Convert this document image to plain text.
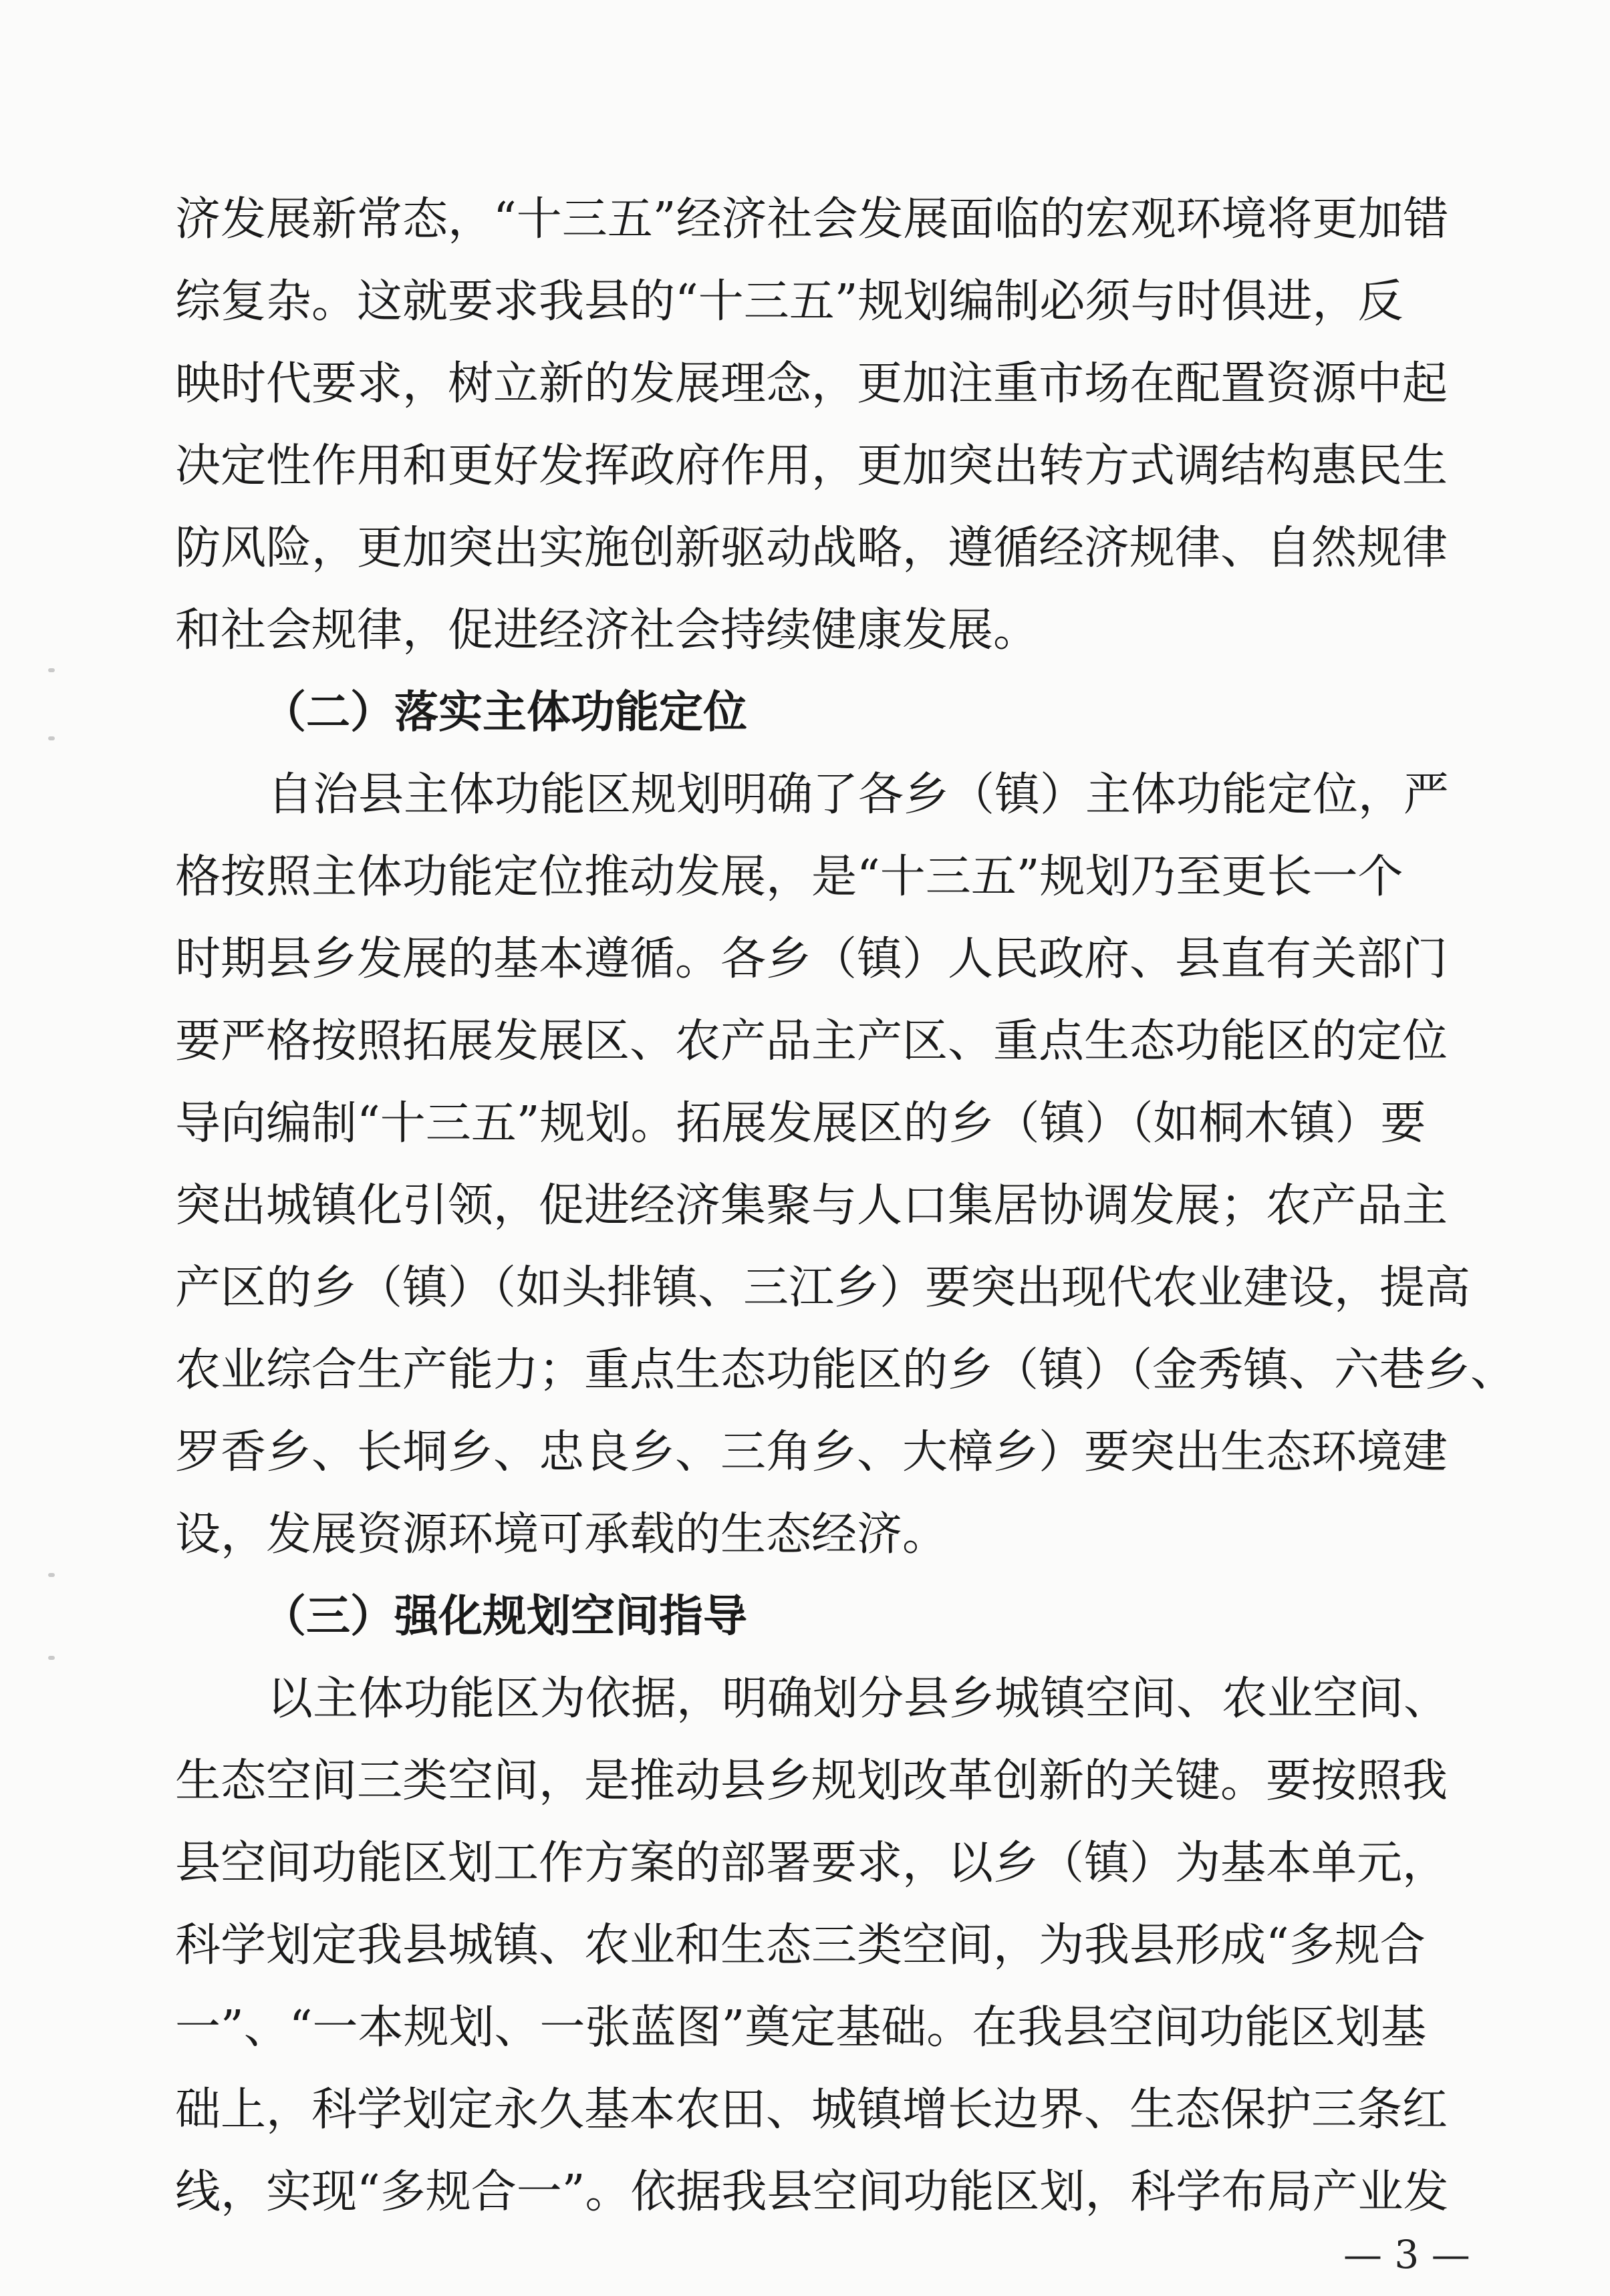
济发展新常态，“十三五”经济社会发展面临的宏观环境将更加错
综复杂。这就要求我县的“十三五”规划编制必须与时俱进，反
映时代要求，树立新的发展理念，更加注重市场在配置资源中起
决定性作用和更好发挥政府作用，更加突出转方式调结构惠民生
防风险，更加突出实施创新驱动战略，遵循经济规律、自然规律
和社会规律，促进经济社会持续健康发展。
（二）落实主体功能定位
自治县主体功能区规划明确了各乡（镇）主体功能定位，严
格按照主体功能定位推动发展，是“十三五”规划乃至更长一个
时期县乡发展的基本遵循。各乡（镇）人民政府、县直有关部门
要严格按照拓展发展区、农产品主产区、重点生态功能区的定位
导向编制“十三五”规划。拓展发展区的乡（镇）（如桐木镇）要
突出城镇化引领，促进经济集聚与人口集居协调发展；农产品主
产区的乡（镇）（如头排镇、三江乡）要突出现代农业建设，提高
农业综合生产能力；重点生态功能区的乡（镇）（金秀镇、六巷乡、
罗香乡、长垌乡、忠良乡、三角乡、大樟乡）要突出生态环境建
设，发展资源环境可承载的生态经济。
（三）强化规划空间指导
以主体功能区为依据，明确划分县乡城镇空间、农业空间、
生态空间三类空间，是推动县乡规划改革创新的关键。要按照我
县空间功能区划工作方案的部署要求，以乡（镇）为基本单元，
科学划定我县城镇、农业和生态三类空间，为我县形成“多规合
一”、“一本规划、一张蓝图”奠定基础。在我县空间功能区划基
础上，科学划定永久基本农田、城镇增长边界、生态保护三条红
线，实现“多规合一”。依据我县空间功能区划，科学布局产业发
— 3 —
